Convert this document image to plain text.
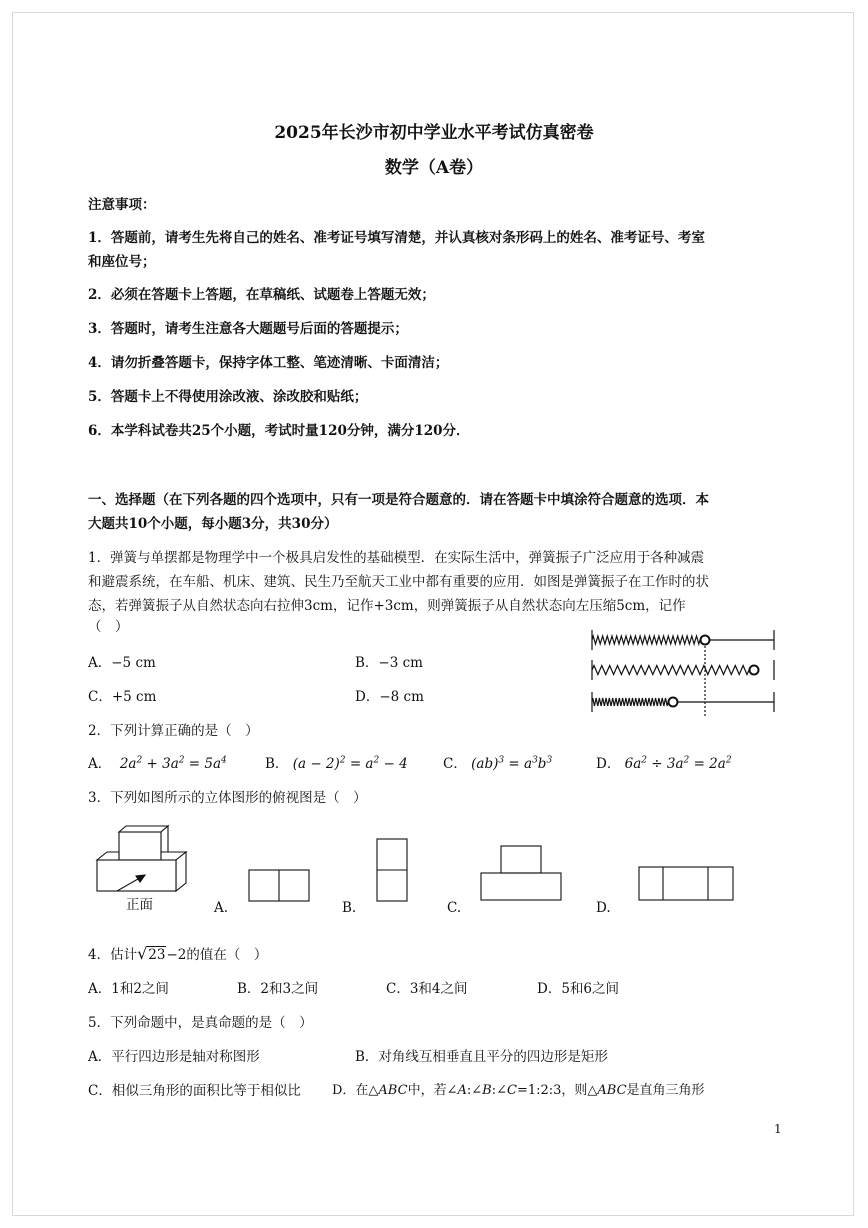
2025年长沙市初中学业水平考试仿真密卷
数学（A卷）
注意事项：
1．答题前，请考生先将自己的姓名、准考证号填写清楚，并认真核对条形码上的姓名、准考证号、考室
和座位号；
2．必须在答题卡上答题，在草稿纸、试题卷上答题无效；
3．答题时，请考生注意各大题题号后面的答题提示；
4．请勿折叠答题卡，保持字体工整、笔迹清晰、卡面清洁；
5．答题卡上不得使用涂改液、涂改胶和贴纸；
6．本学科试卷共25个小题，考试时量120分钟，满分120分．
一、选择题（在下列各题的四个选项中，只有一项是符合题意的．请在答题卡中填涂符合题意的选项．本
大题共10个小题，每小题3分，共30分）
1．弹簧与单摆都是物理学中一个极具启发性的基础模型．在实际生活中，弹簧振子广泛应用于各种减震
和避震系统，在车船、机床、建筑、民生乃至航天工业中都有重要的应用．如图是弹簧振子在工作时的状
态，若弹簧振子从自然状态向右拉伸3cm，记作+3cm，则弹簧振子从自然状态向左压缩5cm，记作
（　）
A．−5 cm	B．−3 cm
C．+5 cm	D．−8 cm
2．下列计算正确的是（　）
A． $2a^2 + 3a^2 = 5a^4$	B． $(a - 2)^2 = a^2 - 4$	C． $(ab)^3 = a^3b^3$	D． $6a^2 \div 3a^2 = 2a^2$
3．下列如图所示的立体图形的俯视图是（　）
正面	A.	B.	C.	D.
4．估计√23−2的值在（　）
A．1和2之间	B．2和3之间	C．3和4之间	D．5和6之间
5．下列命题中，是真命题的是（　）
A．平行四边形是轴对称图形	B．对角线互相垂直且平分的四边形是矩形
C．相似三角形的面积比等于相似比 D．在△ABC中，若∠A:∠B:∠C=1:2:3，则△ABC是直角三角形
1
